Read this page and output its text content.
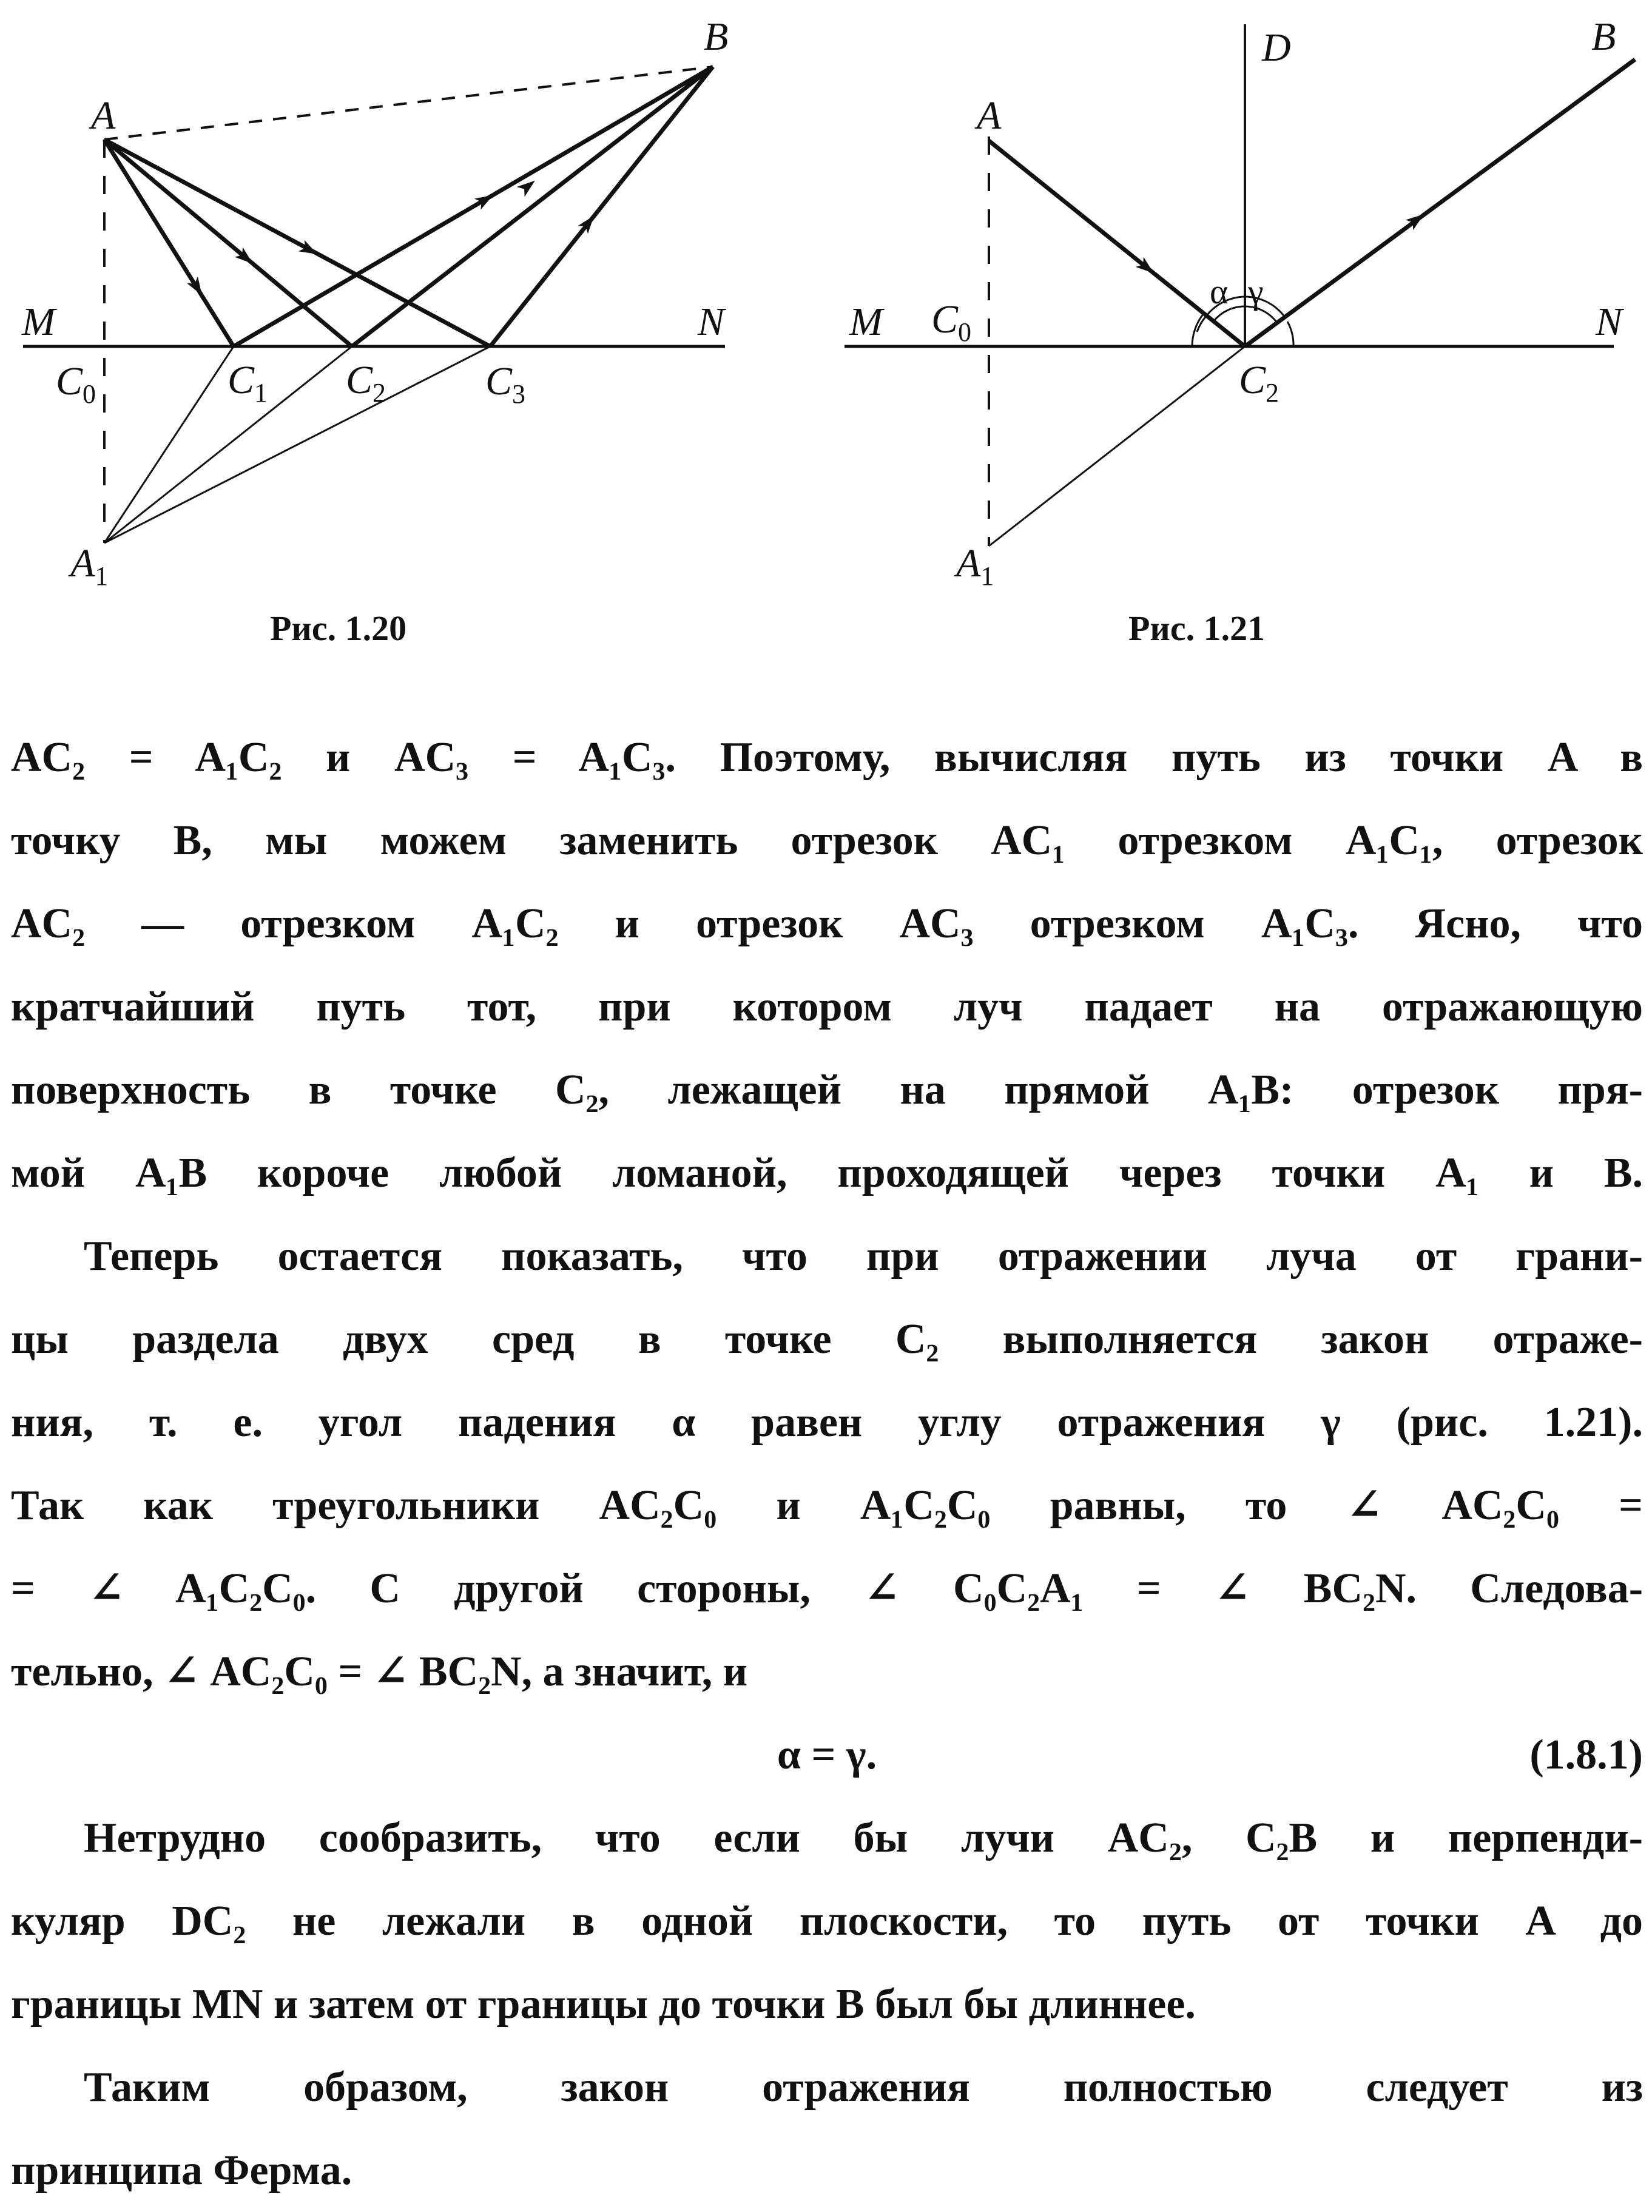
A
B
M	N
$C_0$	$C_1$ $C_2$ $C_3$
$A_1$
Рис. 1.20
A
B
D
M	N
$C_0$
$C_2$
$A_1$
α γ
Рис. 1.21

AC₂ = A₁C₂ и AC₃ = A₁C₃. Поэтому, вычисляя путь из точки A в

точку B, мы можем заменить отрезок AC₁ отрезком A₁C₁, отрезок

AC₂ — отрезком A₁C₂ и отрезок AC₃ отрезком A₁C₃. Ясно, что

кратчайший путь тот, при котором луч падает на отражающую

поверхность в точке C₂, лежащей на прямой A₁B: отрезок пря-

мой A₁B короче любой ломаной, проходящей через точки A₁ и B.

Теперь остается показать, что при отражении луча от грани-

цы раздела двух сред в точке C₂ выполняется закон отраже-

ния, т. е. угол падения α равен углу отражения γ (рис. 1.21).

Так как треугольники AC₂C₀ и A₁C₂C₀ равны, то ∠ AC₂C₀ =

= ∠ A₁C₂C₀. С другой стороны, ∠ C₀C₂A₁ = ∠ BC₂N. Следова-

тельно, ∠ AC₂C₀ = ∠ BC₂N, а значит, и

α = γ.	(1.8.1)

Нетрудно сообразить, что если бы лучи AC₂, C₂B и перпенди-

куляр DC₂ не лежали в одной плоскости, то путь от точки A до

границы MN и затем от границы до точки B был бы длиннее.

Таким образом, закон отражения полностью следует из

принципа Ферма.
